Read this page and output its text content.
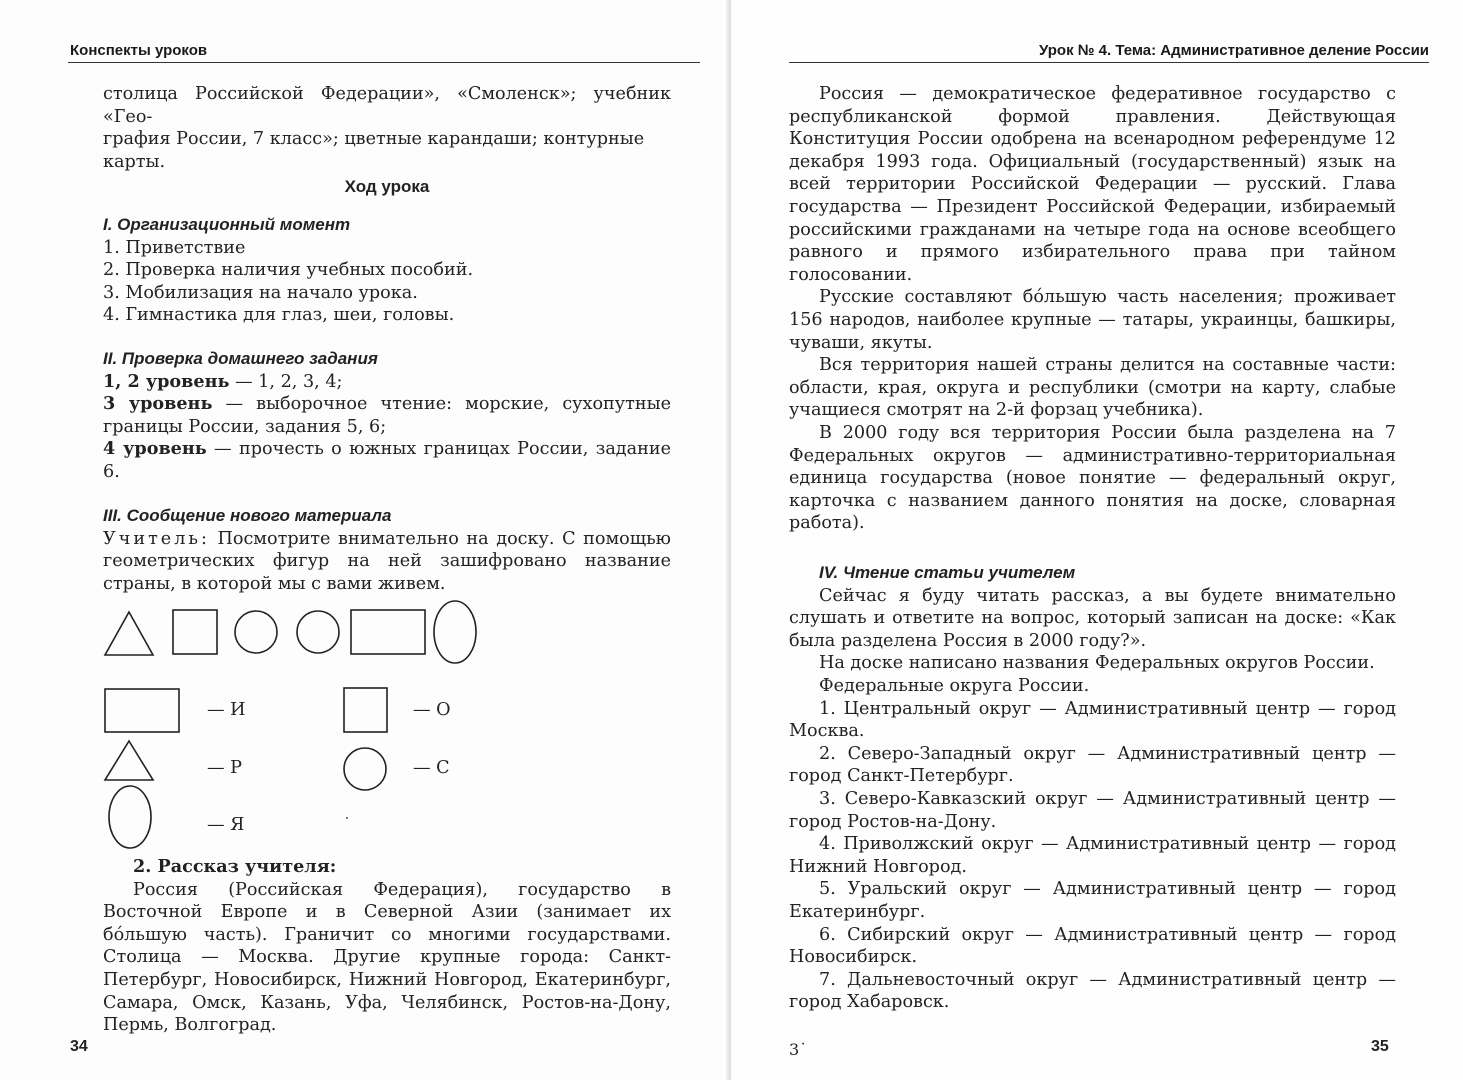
Конспекты уроков

столица Российской Федерации», «Смоленск»; учебник «Гео-

графия России, 7 класс»; цветные карандаши; контурные

карты.

Ход урока

I. Организационный момент

1. Приветствие

2. Проверка наличия учебных пособий.

3. Мобилизация на начало урока.

4. Гимнастика для глаз, шеи, головы.

II. Проверка домашнего задания

1, 2 уровень — 1, 2, 3, 4;

3 уровень — выборочное чтение: морские, сухопутные границы России, задания 5, 6;

4 уровень — прочесть о южных границах России, задание 6.

III. Сообщение нового материала

Учитель: Посмотрите внимательно на доску. С помощью геометрических фигур на ней зашифровано название страны, в которой мы с вами живем.

— И	— О
— Р	— С
— Я

2. Рассказ учителя:

Россия (Российская Федерация), государство в Восточной Европе и в Северной Азии (занимает их бóльшую часть). Граничит со многими государствами. Столица — Москва. Другие крупные города: Санкт-Петербург, Новосибирск, Нижний Новгород, Екатеринбург, Самара, Омск, Казань, Уфа, Челябинск, Ростов-на-Дону, Пермь, Волгоград.

34
Урок № 4. Тема: Административное деление России
35
3˙

Россия — демократическое федеративное государство с республиканской формой правления. Действующая Конституция России одобрена на всенародном референдуме 12 декабря 1993 года. Официальный (государственный) язык на всей территории Российской Федерации — русский. Глава государства — Президент Российской Федерации, избираемый российскими гражданами на четыре года на основе всеобщего равного и прямого избирательного права при тайном голосовании.

Русские составляют бóльшую часть населения; проживает 156 народов, наиболее крупные — татары, украинцы, башкиры, чуваши, якуты.

Вся территория нашей страны делится на составные части: области, края, округа и республики (смотри на карту, слабые учащиеся смотрят на 2-й форзац учебника).

В 2000 году вся территория России была разделена на 7 Федеральных округов — административно-территориальная единица государства (новое понятие — федеральный округ, карточка с названием данного понятия на доске, словарная работа).

IV. Чтение статьи учителем

Сейчас я буду читать рассказ, а вы будете внимательно слушать и ответите на вопрос, который записан на доске: «Как была разделена Россия в 2000 году?».

На доске написано названия Федеральных округов России.

Федеральные округа России.

1. Центральный округ — Административный центр — город Москва.

2. Северо-Западный округ — Административный центр — город Санкт-Петербург.

3. Северо-Кавказский округ — Административный центр — город Ростов-на-Дону.

4. Приволжский округ — Административный центр — город Нижний Новгород.

5. Уральский округ — Административный центр — город Екатеринбург.

6. Сибирский округ — Административный центр — город Новосибирск.

7. Дальневосточный округ — Административный центр — город Хабаровск.
